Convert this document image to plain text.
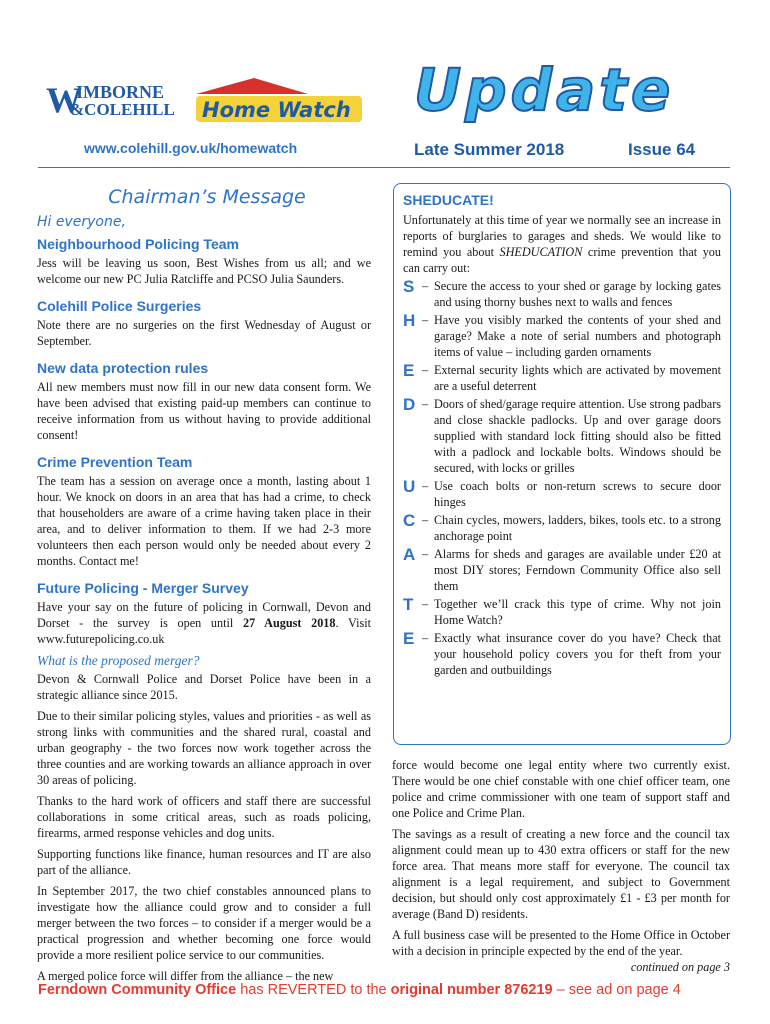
W
IMBORNE
&COLEHILL Home Watch
www.colehill.gov.uk/homewatch
Update
Late Summer 2018	Issue 64
Chairman’s Message
Hi everyone,
Neighbourhood Policing Team

Jess will be leaving us soon, Best Wishes from us all; and we welcome our new PC Julia Ratcliffe and PCSO Julia Saunders.

Colehill Police Surgeries

Note there are no surgeries on the first Wednesday of August or September.

New data protection rules

All new members must now fill in our new data consent form. We have been advised that existing paid-up members can continue to receive information from us without having to provide additional consent!

Crime Prevention Team

The team has a session on average once a month, lasting about 1 hour. We knock on doors in an area that has had a crime, to check that householders are aware of a crime having taken place in their area, and to deliver information to them. If we had 2-3 more volunteers then each person would only be needed about every 2 months. Contact me!

Future Policing - Merger Survey

Have your say on the future of policing in Cornwall, Devon and Dorset - the survey is open until 27 August 2018. Visit www.futurepolicing.co.uk

What is the proposed merger?

Devon & Cornwall Police and Dorset Police have been in a strategic alliance since 2015.

Due to their similar policing styles, values and priorities - as well as strong links with communities and the shared rural, coastal and urban geography - the two forces now work together across the three counties and are working towards an alliance approach in over 30 areas of policing.

Thanks to the hard work of officers and staff there are successful collaborations in some critical areas, such as roads policing, firearms, armed response vehicles and dog units.

Supporting functions like finance, human resources and IT are also part of the alliance.

In September 2017, the two chief constables announced plans to investigate how the alliance could grow and to consider a full merger between the two forces – to consider if a merger would be a practical progression and whether becoming one force would provide a more resilient police service to our communities.

A merged police force will differ from the alliance – the new

SHEDUCATE!

Unfortunately at this time of year we normally see an increase in reports of burglaries to garages and sheds. We would like to remind you about SHEDUCATION crime prevention that you can carry out:

S – Secure the access to your shed or garage by locking gates and using thorny bushes next to walls and fences
H – Have you visibly marked the contents of your shed and garage? Make a note of serial numbers and photograph items of value – including garden ornaments
E – External security lights which are activated by movement are a useful deterrent
D – Doors of shed/garage require attention. Use strong padbars and close shackle padlocks. Up and over garage doors supplied with standard lock fitting should also be fitted with a padlock and lockable bolts. Windows should be secured, with locks or grilles
U – Use coach bolts or non-return screws to secure door hinges
C – Chain cycles, mowers, ladders, bikes, tools etc. to a strong anchorage point
A – Alarms for sheds and garages are available under £20 at most DIY stores; Ferndown Community Office also sell them
T – Together we’ll crack this type of crime. Why not join Home Watch?
E – Exactly what insurance cover do you have? Check that your household policy covers you for theft from your garden and outbuildings

force would become one legal entity where two currently exist. There would be one chief constable with one chief officer team, one police and crime commissioner with one team of support staff and one Police and Crime Plan.

The savings as a result of creating a new force and the council tax alignment could mean up to 430 extra officers or staff for the new force area. That means more staff for everyone. The council tax alignment is a legal requirement, and subject to Government decision, but should only cost approximately £1 - £3 per month for average (Band D) residents.

A full business case will be presented to the Home Office in October with a decision in principle expected by the end of the year.
continued on page 3

Ferndown Community Office has REVERTED to the original number 876219 – see ad on page 4
